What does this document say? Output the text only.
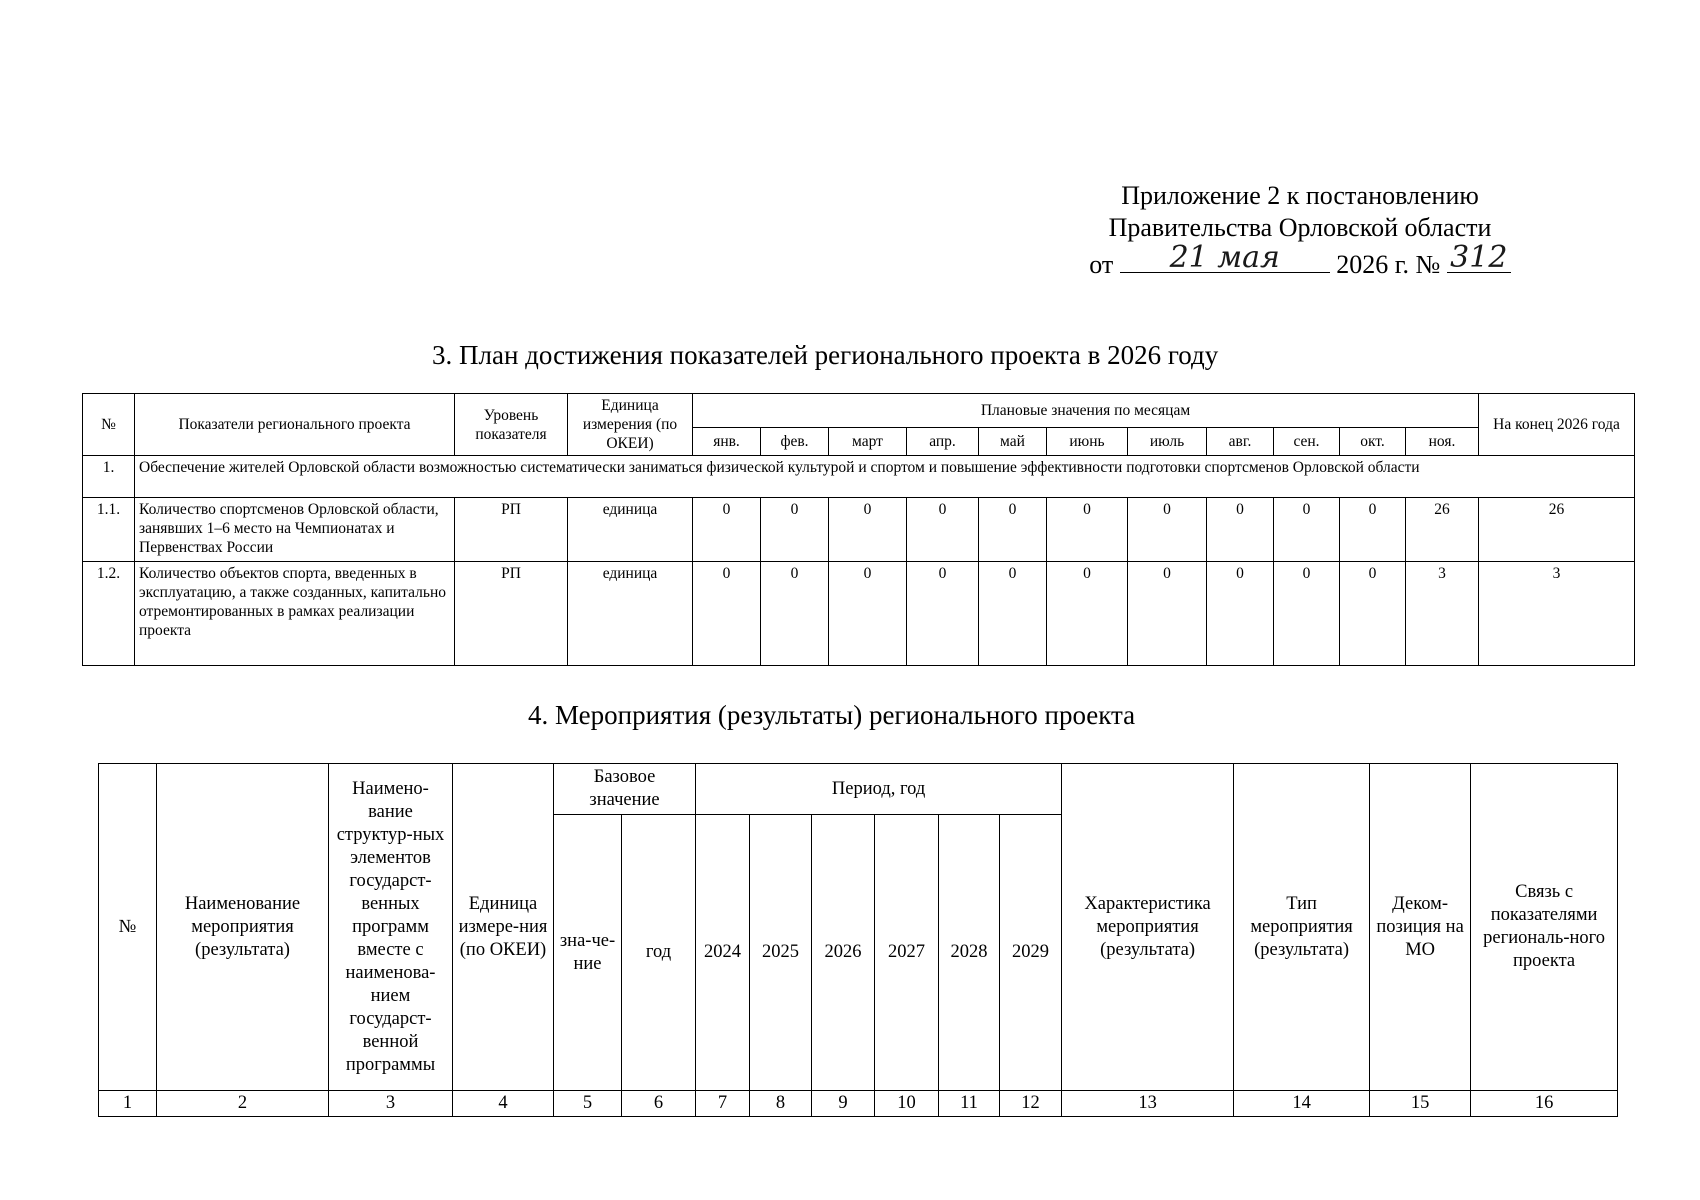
Приложение 2 к постановлению
Правительства Орловской области
от	21 мая	2026 г. № 312
3. План достижения показателей регионального проекта в 2026 году
№	Показатели регионального проекта	Уровень показателя	Единица измерения (по ОКЕИ)	Плановые значения по месяцам											На конец 2026 года
				янв.	фев.	март	апр.	май	июнь	июль	авг.	сен.	окт.	ноя.	
1.	Обеспечение жителей Орловской области возможностью систематически заниматься физической культурой и спортом и повышение эффективности подготовки спортсменов Орловской области														
1.1.	Количество спортсменов Орловской области, занявших 1–6 место на Чемпионатах и Первенствах России	РП	единица	0	0	0	0	0	0	0	0	0	0	26	26
1.2.	Количество объектов спорта, введенных в эксплуатацию, а также созданных, капитально отремонтированных в рамках реализации проекта	РП	единица	0	0	0	0	0	0	0	0	0	0	3	3
4. Мероприятия (результаты) регионального проекта
№	Наименование мероприятия (результата)	Наимено-вание структур-ных элементов государст-венных программ вместе с наименова-нием государст-венной программы	Единица измере-ния (по ОКЕИ)	Базовое значение		Период, год						Характеристика мероприятия (результата)	Тип мероприятия (результата)	Деком-позиция на МО	Связь с показателями региональ-ного проекта
				зна-че-ние	год	2024	2025	2026	2027	2028	2029				
1	2	3	4	5	6	7	8	9	10	11	12	13	14	15	16
